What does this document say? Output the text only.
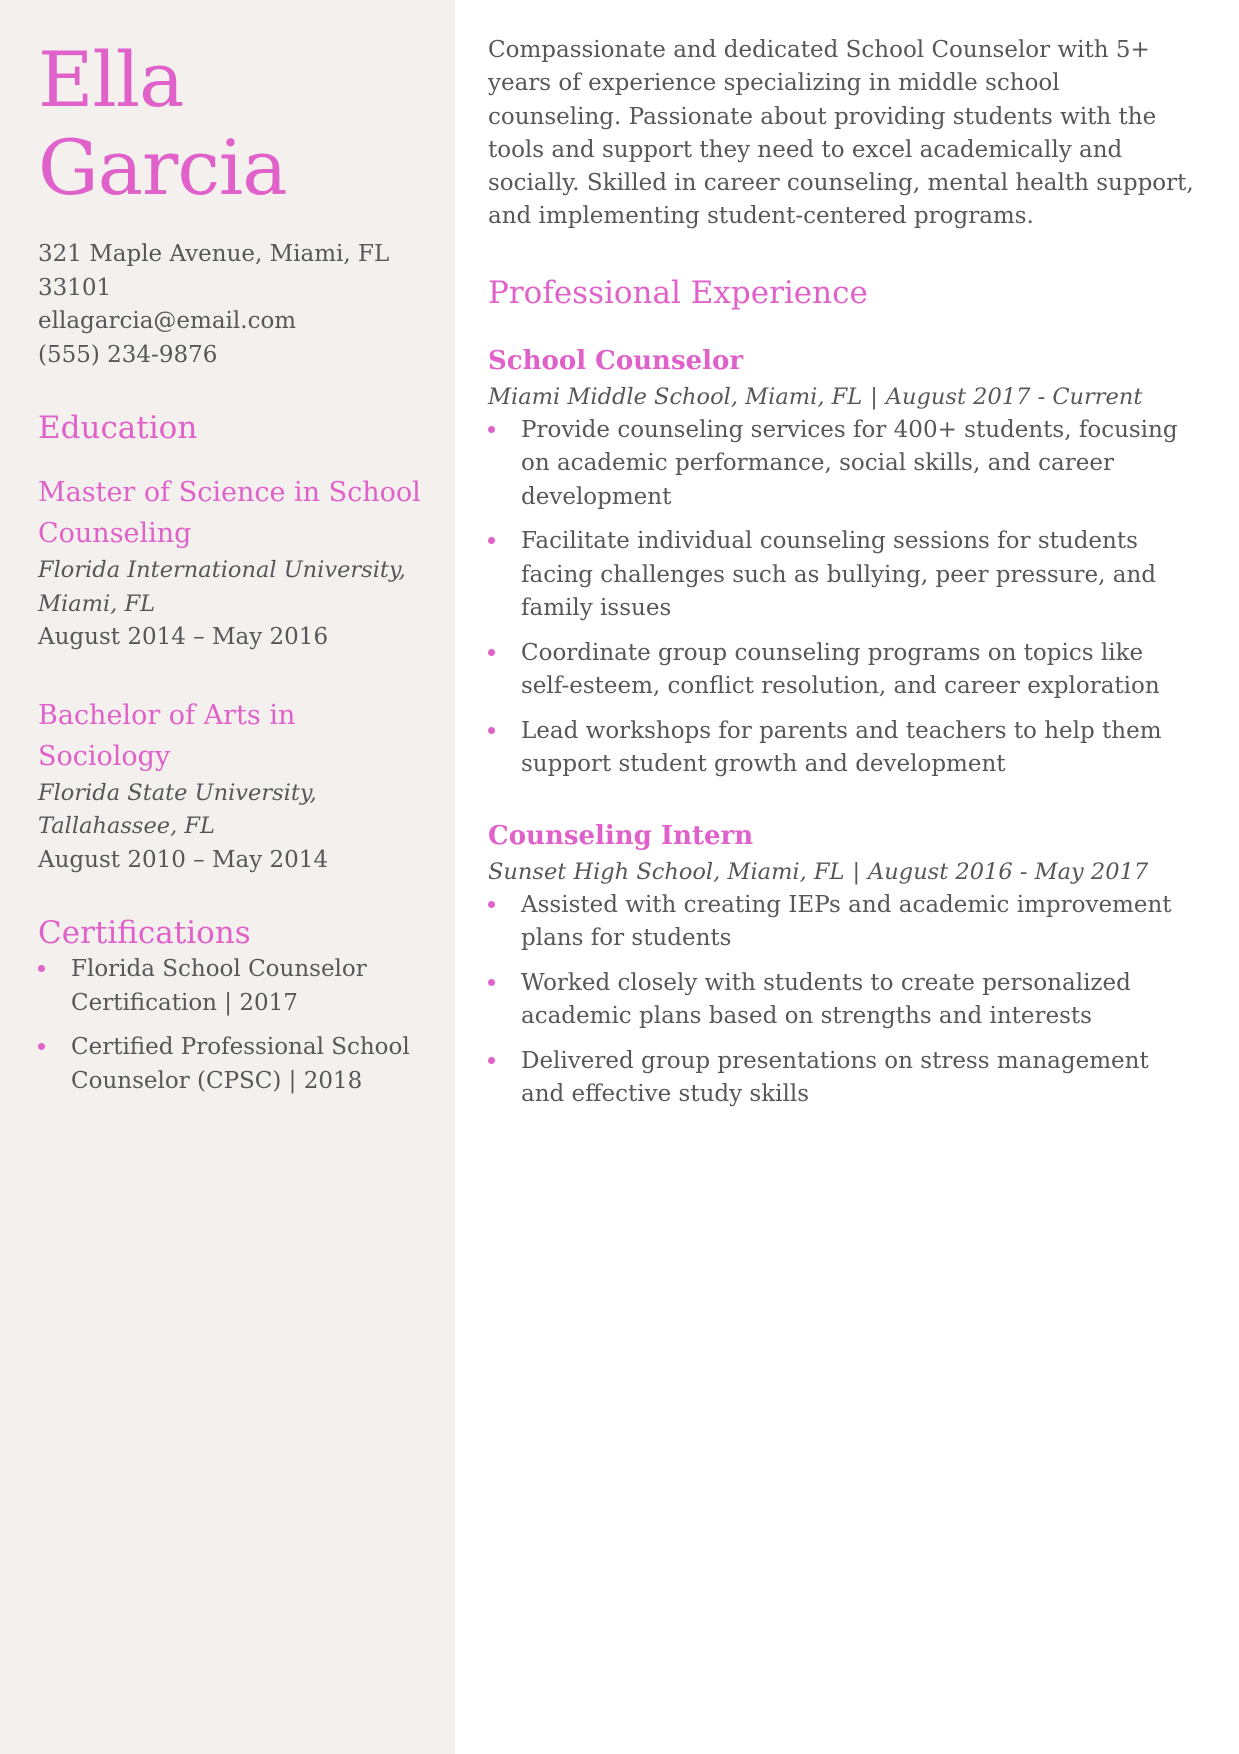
Ella
Garcia
321 Maple Avenue, Miami, FL
33101
ellagarcia@email.com
(555) 234-9876
Education
Master of Science in School Counseling
Florida International University, Miami, FL
August 2014 – May 2016
Bachelor of Arts in Sociology
Florida State University, Tallahassee, FL
August 2010 – May 2014
Certifications
Florida School Counselor Certification | 2017
Certified Professional School Counselor (CPSC) | 2018

Compassionate and dedicated School Counselor with 5+ years of experience specializing in middle school counseling. Passionate about providing students with the tools and support they need to excel academically and socially. Skilled in career counseling, mental health support, and implementing student-centered programs.

Professional Experience
School Counselor
Miami Middle School, Miami, FL | August 2017 - Current
Provide counseling services for 400+ students, focusing on academic performance, social skills, and career development
Facilitate individual counseling sessions for students facing challenges such as bullying, peer pressure, and family issues
Coordinate group counseling programs on topics like self-esteem, conflict resolution, and career exploration
Lead workshops for parents and teachers to help them support student growth and development
Counseling Intern
Sunset High School, Miami, FL | August 2016 - May 2017
Assisted with creating IEPs and academic improvement plans for students
Worked closely with students to create personalized academic plans based on strengths and interests
Delivered group presentations on stress management and effective study skills
